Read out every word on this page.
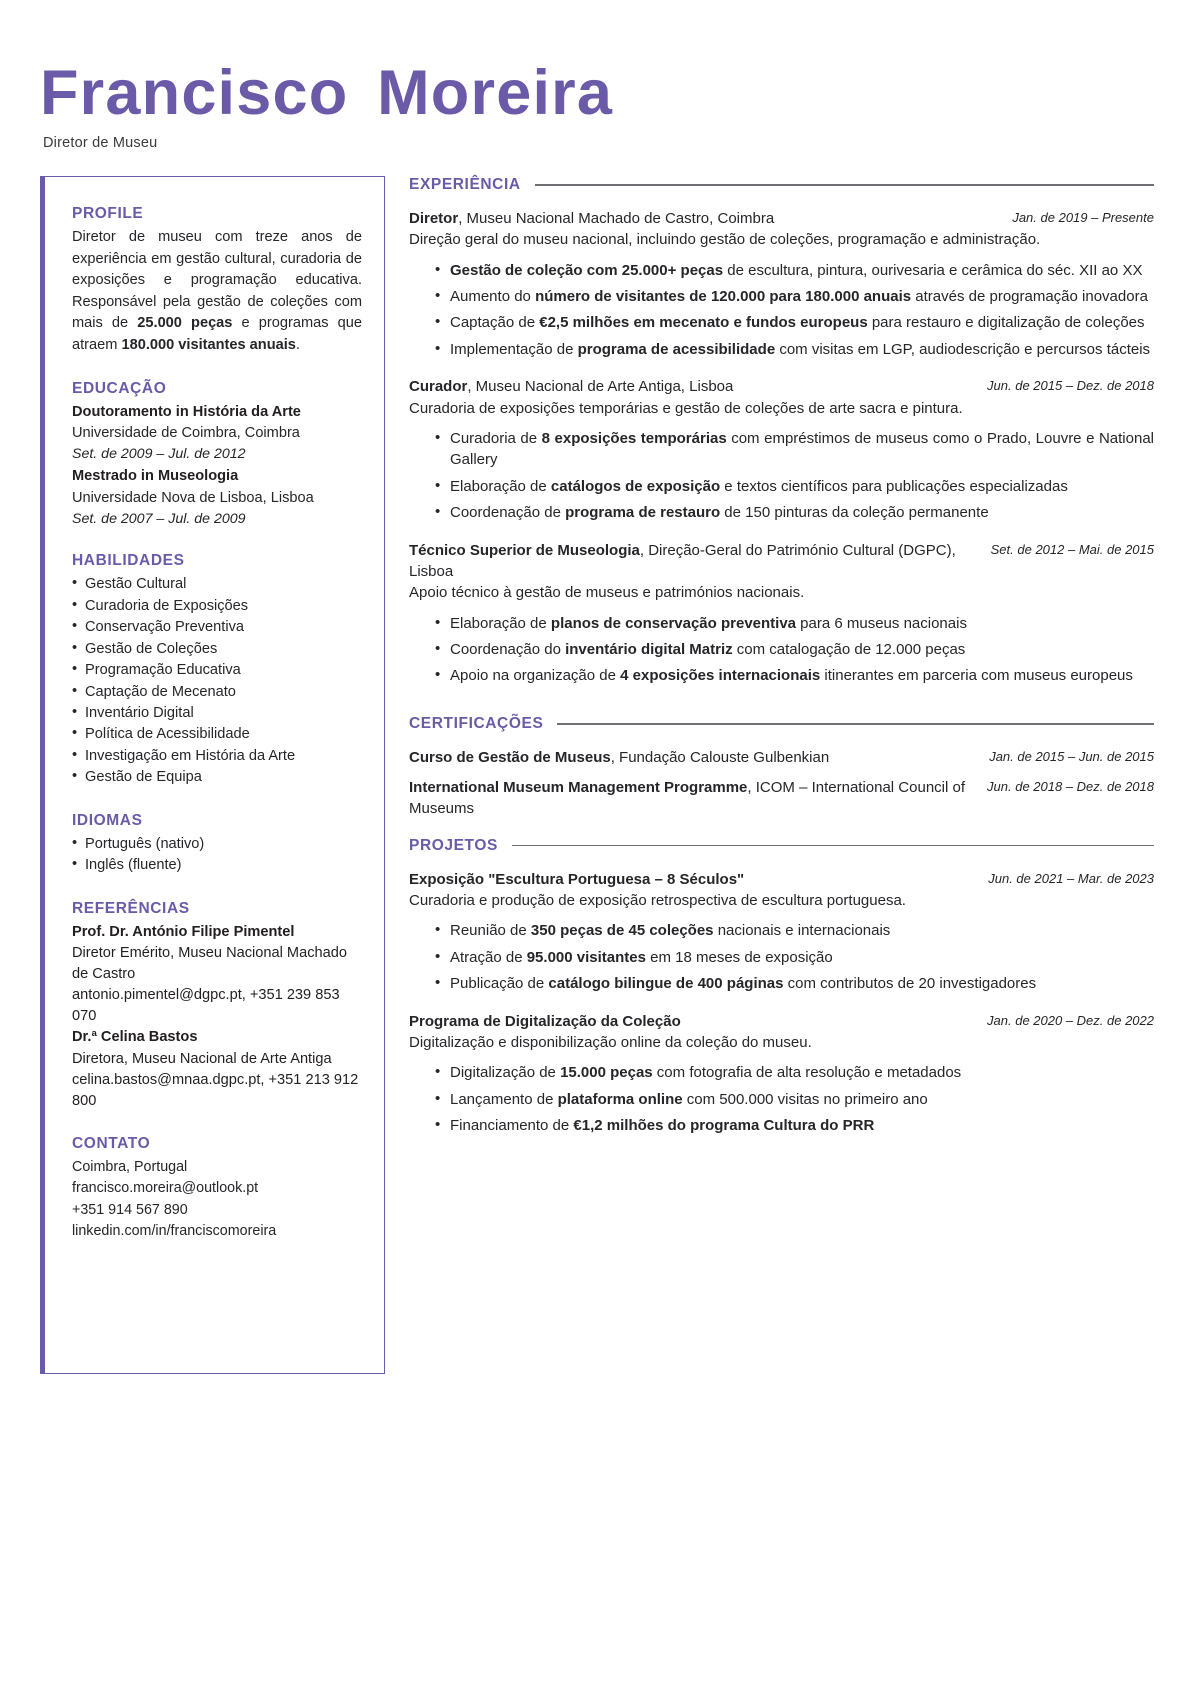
Francisco Moreira
Diretor de Museu
PROFILE

Diretor de museu com treze anos de experiência em gestão cultural, curadoria de exposições e programação educativa. Responsável pela gestão de coleções com mais de 25.000 peças e programas que atraem 180.000 visitantes anuais.

EDUCAÇÃO
Doutoramento in História da Arte
Universidade de Coimbra, Coimbra
Set. de 2009 – Jul. de 2012
Mestrado in Museologia
Universidade Nova de Lisboa, Lisboa
Set. de 2007 – Jul. de 2009
HABILIDADES
• Gestão Cultural
• Curadoria de Exposições
• Conservação Preventiva
• Gestão de Coleções
• Programação Educativa
• Captação de Mecenato
• Inventário Digital
• Política de Acessibilidade
• Investigação em História da Arte
• Gestão de Equipa
IDIOMAS
• Português (nativo)
• Inglês (fluente)
REFERÊNCIAS
Prof. Dr. António Filipe Pimentel
Diretor Emérito, Museu Nacional Machado de Castro
antonio.pimentel@dgpc.pt, +351 239 853 070
Dr.ª Celina Bastos
Diretora, Museu Nacional de Arte Antiga
celina.bastos@mnaa.dgpc.pt, +351 213 912 800
CONTATO
Coimbra, Portugal
francisco.moreira@outlook.pt
+351 914 567 890
linkedin.com/in/franciscomoreira
EXPERIÊNCIA
Diretor, Museu Nacional Machado de Castro, Coimbra	Jan. de 2019 – Presente
Direção geral do museu nacional, incluindo gestão de coleções, programação e administração.
• Gestão de coleção com 25.000+ peças de escultura, pintura, ourivesaria e cerâmica do séc. XII ao XX
• Aumento do número de visitantes de 120.000 para 180.000 anuais através de programação inovadora
• Captação de €2,5 milhões em mecenato e fundos europeus para restauro e digitalização de coleções
• Implementação de programa de acessibilidade com visitas em LGP, audiodescrição e percursos tácteis
Curador, Museu Nacional de Arte Antiga, Lisboa	Jun. de 2015 – Dez. de 2018
Curadoria de exposições temporárias e gestão de coleções de arte sacra e pintura.
• Curadoria de 8 exposições temporárias com empréstimos de museus como o Prado, Louvre e National Gallery
• Elaboração de catálogos de exposição e textos científicos para publicações especializadas
• Coordenação de programa de restauro de 150 pinturas da coleção permanente
Técnico Superior de Museologia, Direção-Geral do Património Cultural (DGPC), Lisboa
Set. de 2012 – Mai. de 2015
Apoio técnico à gestão de museus e patrimónios nacionais.
• Elaboração de planos de conservação preventiva para 6 museus nacionais
• Coordenação do inventário digital Matriz com catalogação de 12.000 peças
• Apoio na organização de 4 exposições internacionais itinerantes em parceria com museus europeus
CERTIFICAÇÕES
Curso de Gestão de Museus, Fundação Calouste Gulbenkian	Jan. de 2015 – Jun. de 2015
International Museum Management Programme, ICOM – International Council of Museums
Jun. de 2018 – Dez. de 2018
PROJETOS
Exposição "Escultura Portuguesa – 8 Séculos"	Jun. de 2021 – Mar. de 2023
Curadoria e produção de exposição retrospectiva de escultura portuguesa.
• Reunião de 350 peças de 45 coleções nacionais e internacionais
• Atração de 95.000 visitantes em 18 meses de exposição
• Publicação de catálogo bilingue de 400 páginas com contributos de 20 investigadores
Programa de Digitalização da Coleção	Jan. de 2020 – Dez. de 2022
Digitalização e disponibilização online da coleção do museu.
• Digitalização de 15.000 peças com fotografia de alta resolução e metadados
• Lançamento de plataforma online com 500.000 visitas no primeiro ano
• Financiamento de €1,2 milhões do programa Cultura do PRR
